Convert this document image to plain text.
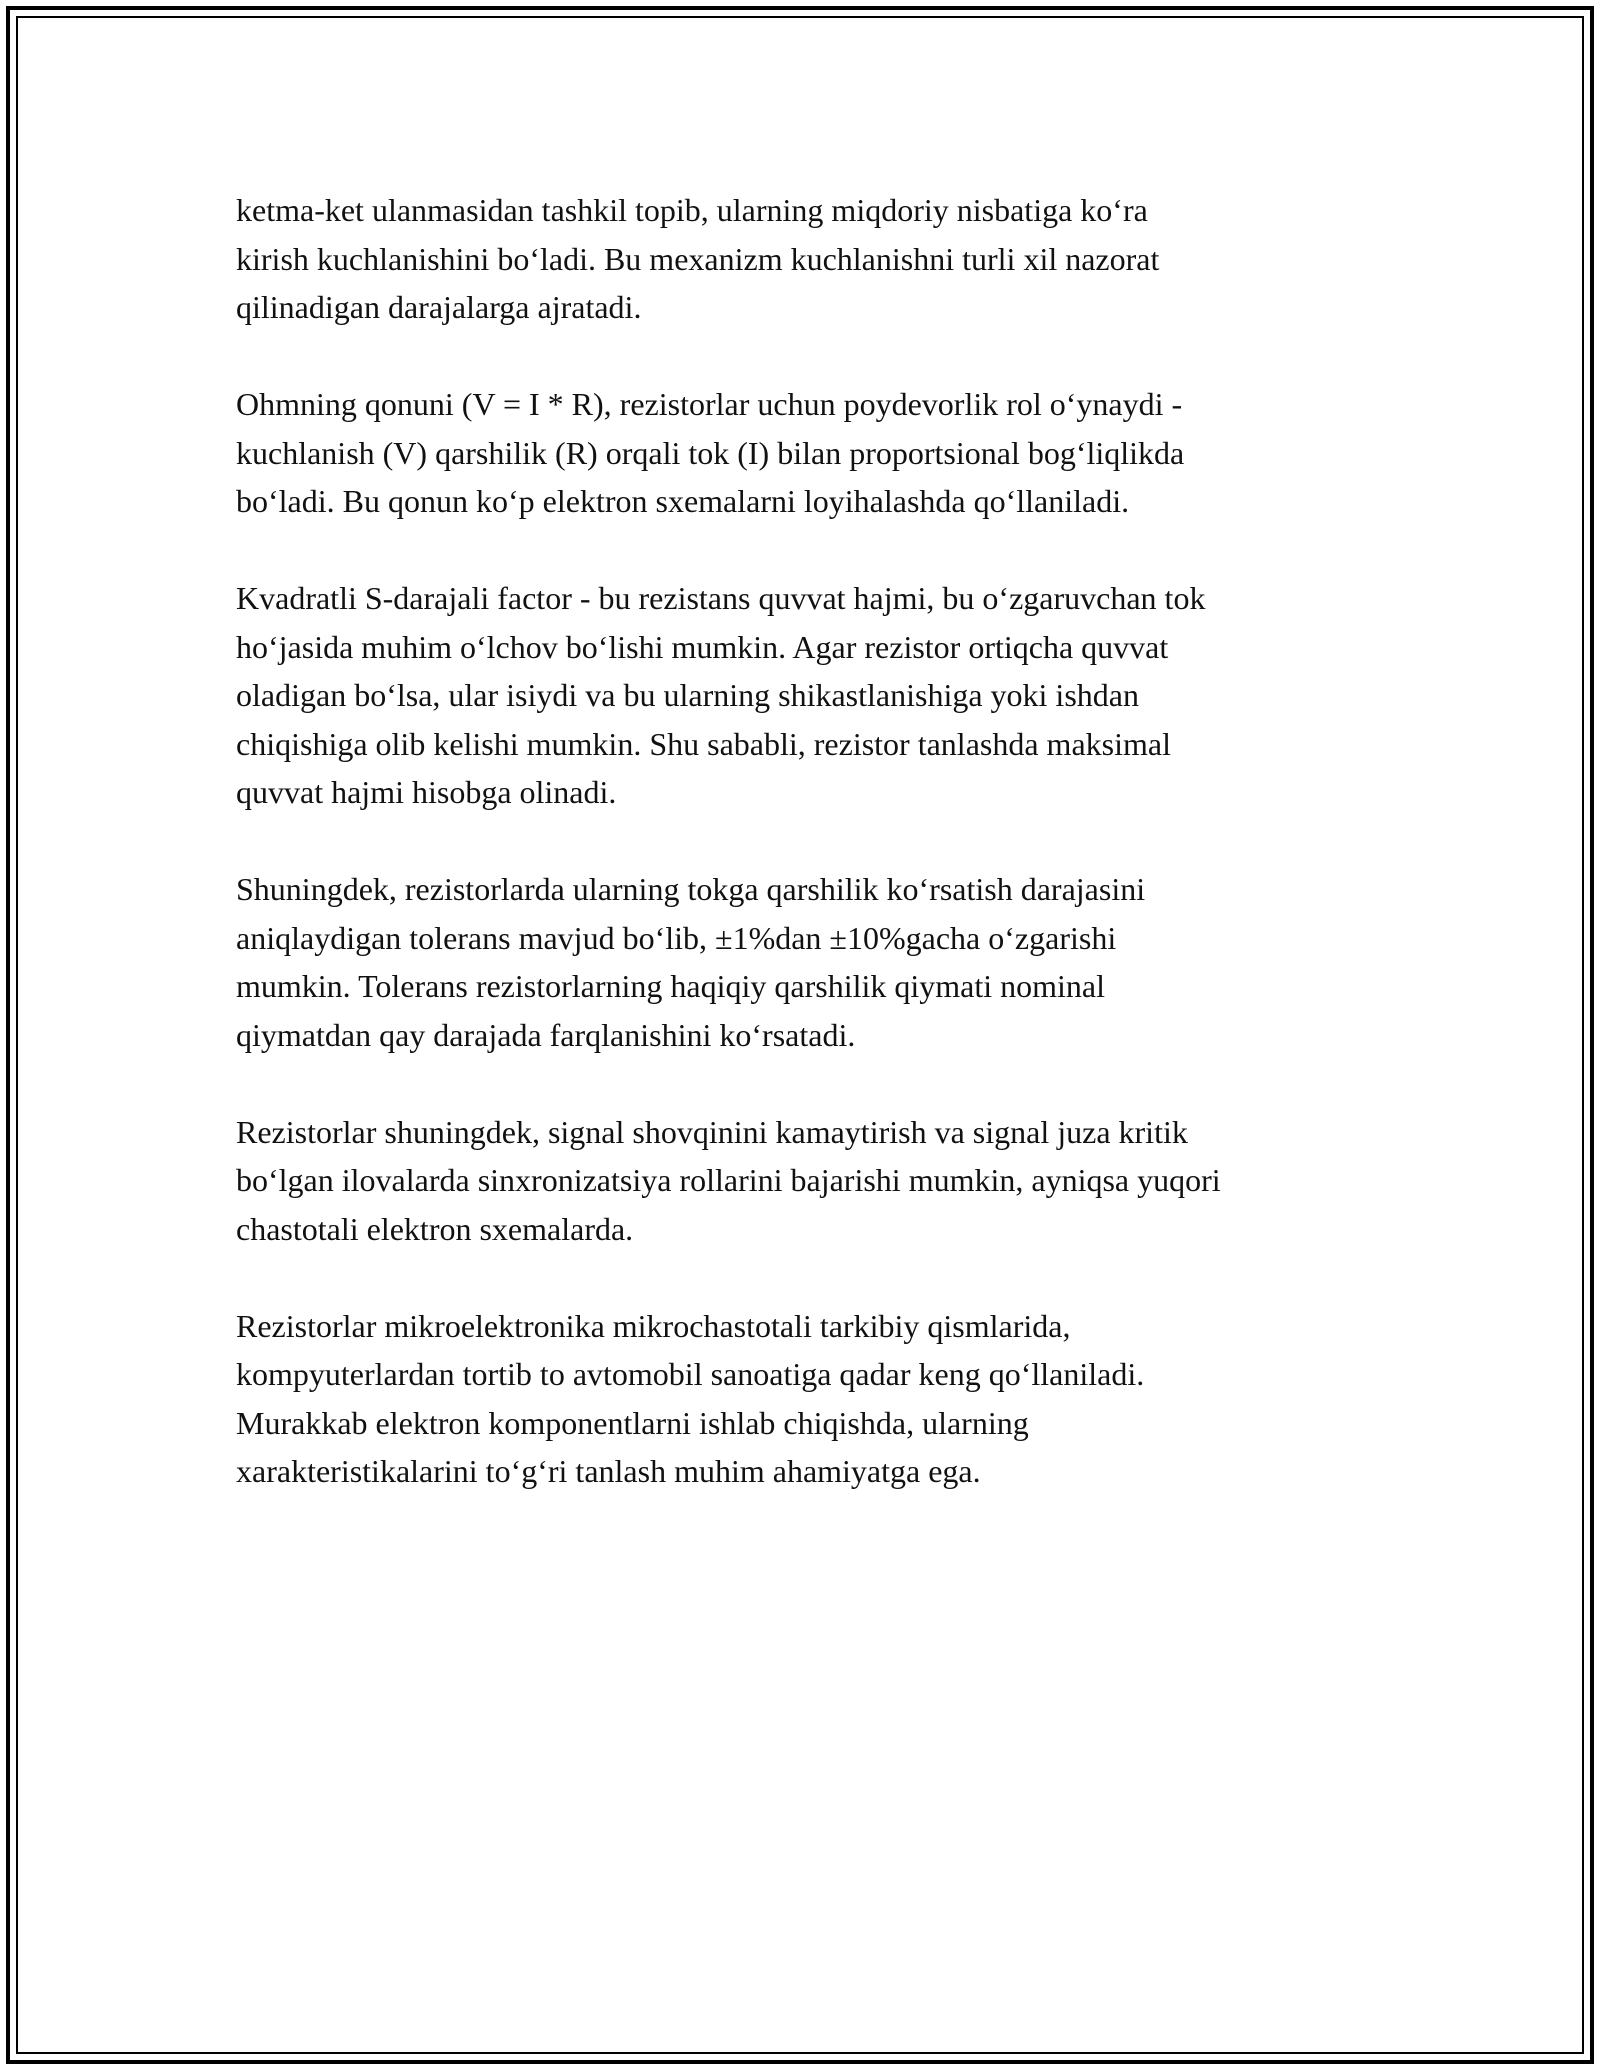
ketma-ket ulanmasidan tashkil topib, ularning miqdoriy nisbatiga ko‘ra
kirish kuchlanishini bo‘ladi. Bu mexanizm kuchlanishni turli xil nazorat
qilinadigan darajalarga ajratadi.

Ohmning qonuni (V = I * R), rezistorlar uchun poydevorlik rol o‘ynaydi -
kuchlanish (V) qarshilik (R) orqali tok (I) bilan proportsional bog‘liqlikda
bo‘ladi. Bu qonun ko‘p elektron sxemalarni loyihalashda qo‘llaniladi.

Kvadratli S-darajali factor - bu rezistans quvvat hajmi, bu o‘zgaruvchan tok
ho‘jasida muhim o‘lchov bo‘lishi mumkin. Agar rezistor ortiqcha quvvat
oladigan bo‘lsa, ular isiydi va bu ularning shikastlanishiga yoki ishdan
chiqishiga olib kelishi mumkin. Shu sababli, rezistor tanlashda maksimal
quvvat hajmi hisobga olinadi.

Shuningdek, rezistorlarda ularning tokga qarshilik ko‘rsatish darajasini
aniqlaydigan tolerans mavjud bo‘lib, ±1%dan ±10%gacha o‘zgarishi
mumkin. Tolerans rezistorlarning haqiqiy qarshilik qiymati nominal
qiymatdan qay darajada farqlanishini ko‘rsatadi.

Rezistorlar shuningdek, signal shovqinini kamaytirish va signal juza kritik
bo‘lgan ilovalarda sinxronizatsiya rollarini bajarishi mumkin, ayniqsa yuqori
chastotali elektron sxemalarda.

Rezistorlar mikroelektronika mikrochastotali tarkibiy qismlarida,
kompyuterlardan tortib to avtomobil sanoatiga qadar keng qo‘llaniladi.
Murakkab elektron komponentlarni ishlab chiqishda, ularning
xarakteristikalarini to‘g‘ri tanlash muhim ahamiyatga ega.
